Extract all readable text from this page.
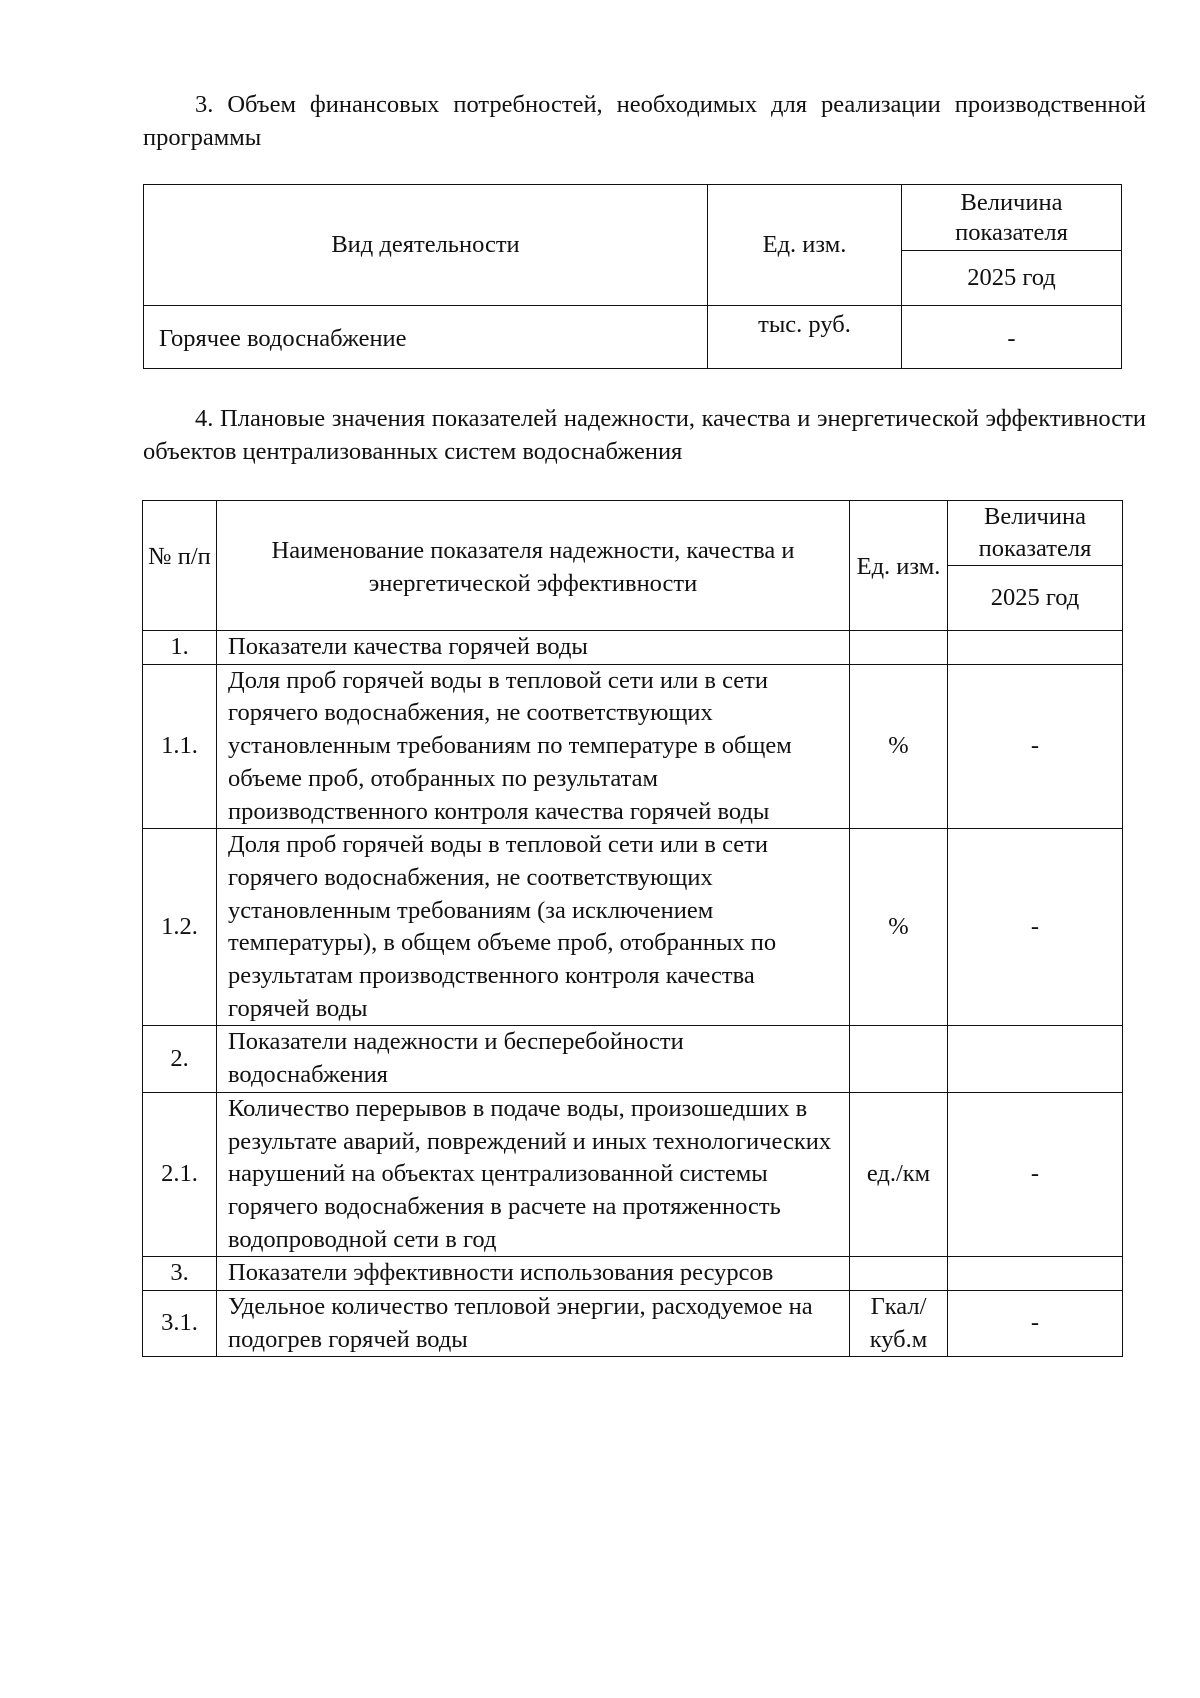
3. Объем финансовых потребностей, необходимых для реализации производственной программы

Вид деятельности	Ед. изм.	Величина показателя
		2025 год
Горячее водоснабжение	тыс. руб.	-

4. Плановые значения показателей надежности, качества и энергетической эффективности объектов централизованных систем водоснабжения

№ п/п	Наименование показателя надежности, качества и энергетической эффективности	Ед. изм.	Величина показателя
			2025 год
1.	Показатели качества горячей воды		
1.1.	Доля проб горячей воды в тепловой сети или в сети горячего водоснабжения, не соответствующих установленным требованиям по температуре в общем объеме проб, отобранных по результатам производственного контроля качества горячей воды	%	-
1.2.	Доля проб горячей воды в тепловой сети или в сети горячего водоснабжения, не соответствующих установленным требованиям (за исключением температуры), в общем объеме проб, отобранных по результатам производственного контроля качества горячей воды	%	-
2.	Показатели надежности и бесперебойности водоснабжения		
2.1.	Количество перерывов в подаче воды, произошедших в результате аварий, повреждений и иных технологических нарушений на объектах централизованной системы горячего водоснабжения в расчете на протяженность водопроводной сети в год	ед./км	-
3.	Показатели эффективности использования ресурсов		
3.1.	Удельное количество тепловой энергии, расходуемое на подогрев горячей воды	Гкал/ куб.м	-
